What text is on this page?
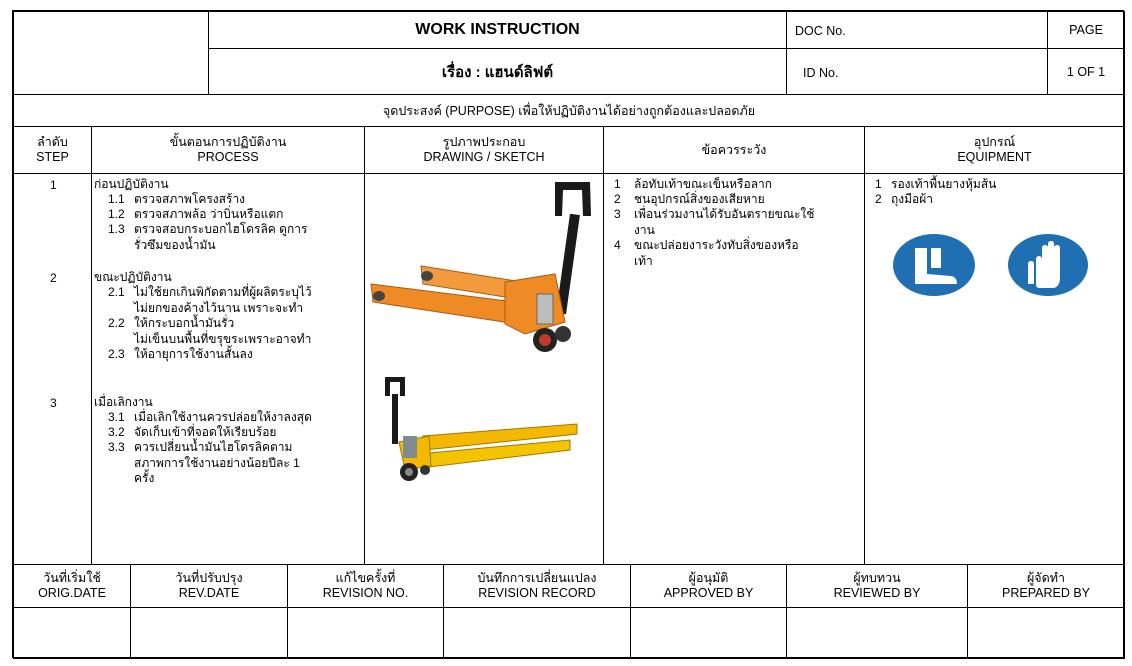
WORK INSTRUCTION
เรื่อง : แฮนด์ลิฟต์
DOC No.
ID No.
PAGE
1 OF 1
จุดประสงค์ (PURPOSE) เพื่อให้ปฏิบัติงานได้อย่างถูกต้องและปลอดภัย
ลำดับ
STEP
ขั้นตอนการปฏิบัติงาน
PROCESS
รูปภาพประกอบ
DRAWING / SKETCH
ข้อควรระวัง
อุปกรณ์
EQUIPMENT
1
2
3
ก่อนปฏิบัติงาน
1.1 ตรวจสภาพโครงสร้าง
1.2 ตรวจสภาพล้อ ว่าบิ่นหรือแตก
1.3 ตรวจสอบกระบอกไฮโดรลิค ดูการ
รั่วซึมของน้ำมัน
ขณะปฏิบัติงาน
2.1 ไม่ใช้ยกเกินพิกัดตามที่ผู้ผลิตระบุไว้
ไม่ยกของค้างไว้นาน เพราะจะทำ
2.2 ให้กระบอกน้ำมันรั่ว
ไม่เข็นบนพื้นที่ขรุขระเพราะอาจทำ
2.3 ให้อายุการใช้งานสั้นลง
เมื่อเลิกงาน
3.1 เมื่อเลิกใช้งานควรปล่อยให้งาลงสุด
3.2 จัดเก็บเข้าที่จอดให้เรียบร้อย
3.3 ควรเปลี่ยนน้ำมันไฮโดรลิคตาม
สภาพการใช้งานอย่างน้อยปีละ 1
ครั้ง
1 ล้อทับเท้าขณะเข็นหรือลาก
2 ชนอุปกรณ์สิ่งของเสียหาย
3 เพื่อนร่วมงานได้รับอันตรายขณะใช้
งาน
4 ขณะปล่อยงาระวังทับสิ่งของหรือ
เท้า
1 รองเท้าพื้นยางหุ้มส้น
2 ถุงมือผ้า
วันที่เริ่มใช้
ORIG.DATE
วันที่ปรับปรุง
REV.DATE
แก้ไขครั้งที่
REVISION NO.
บันทึกการเปลี่ยนแปลง
REVISION RECORD
ผู้อนุมัติ
APPROVED BY
ผู้ทบทวน
REVIEWED BY
ผู้จัดทำ
PREPARED BY
